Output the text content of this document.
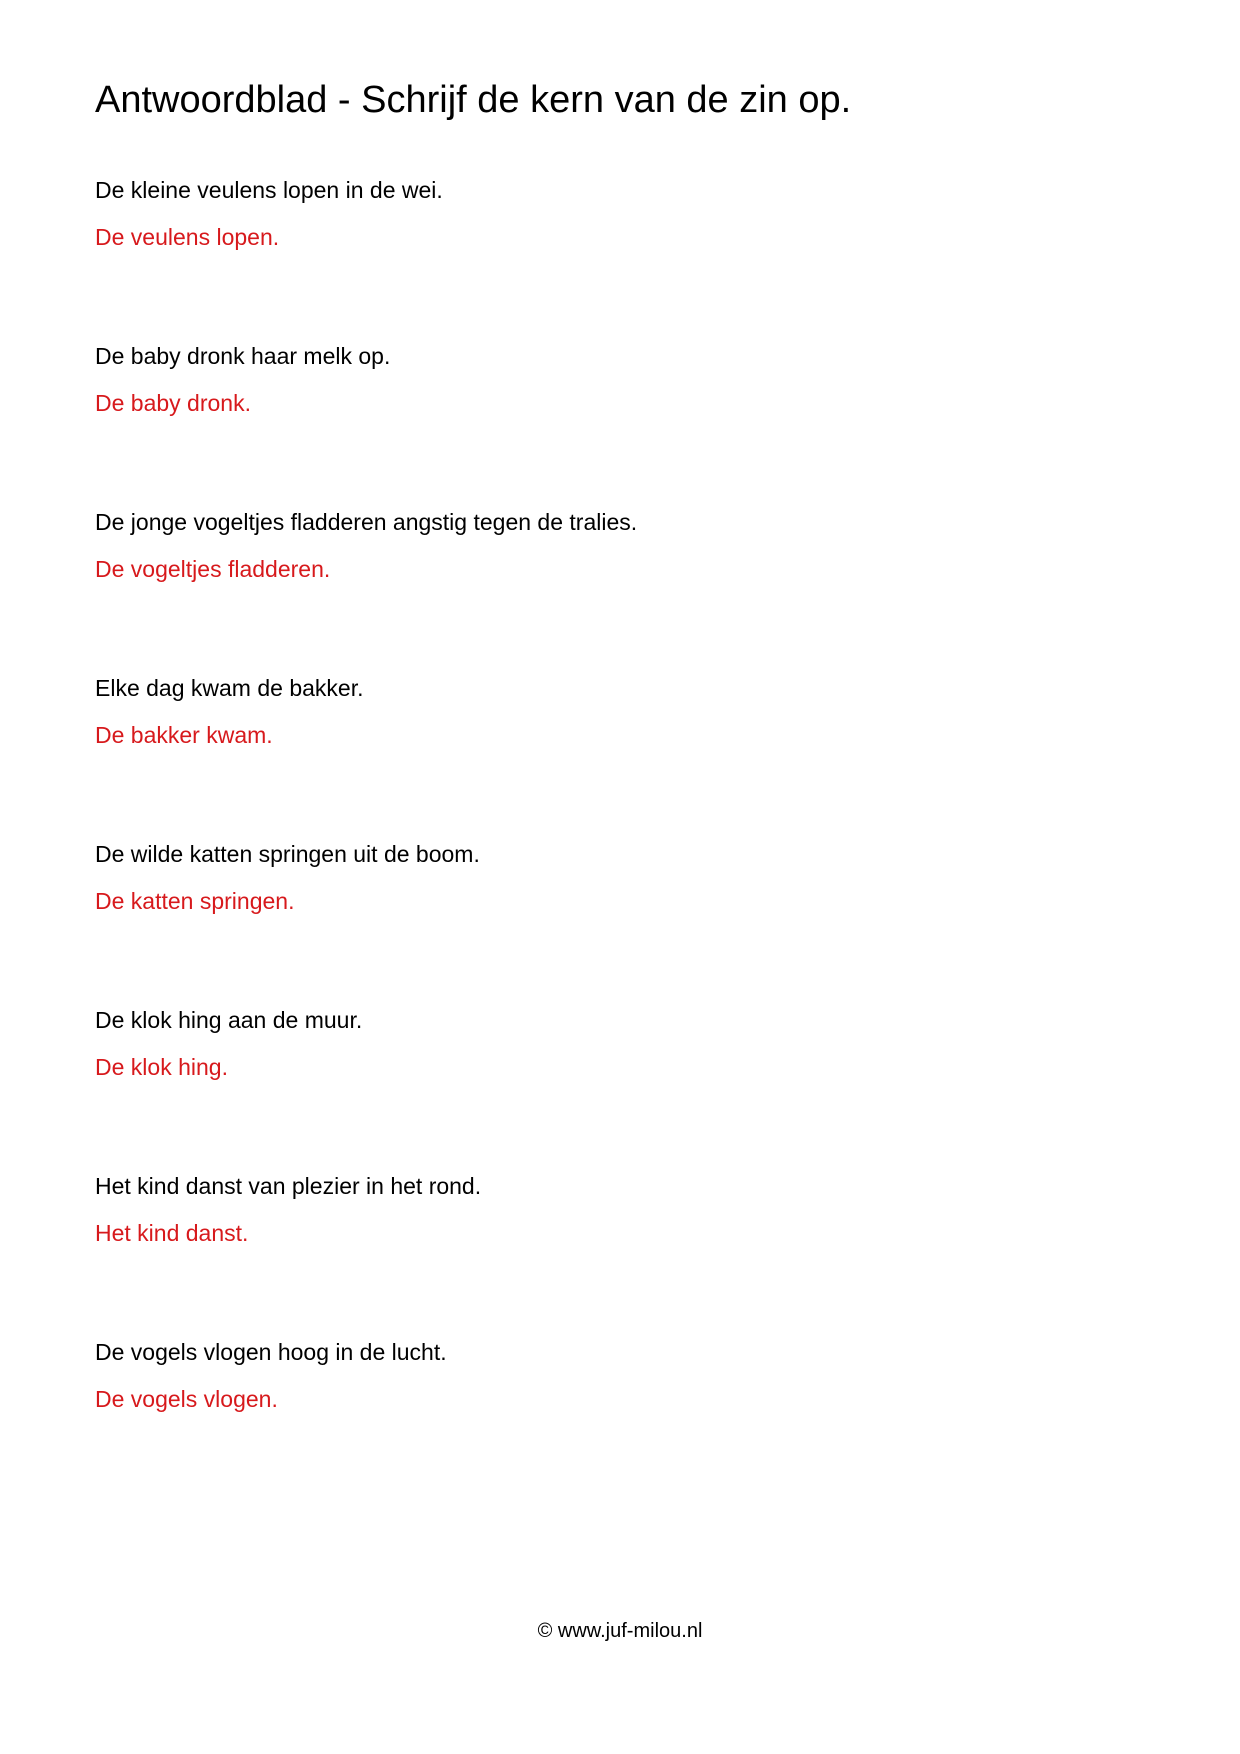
Antwoordblad - Schrijf de kern van de zin op.
De kleine veulens lopen in de wei.
De veulens lopen.
De baby dronk haar melk op.
De baby dronk.
De jonge vogeltjes fladderen angstig tegen de tralies.
De vogeltjes fladderen.
Elke dag kwam de bakker.
De bakker kwam.
De wilde katten springen uit de boom.
De katten springen.
De klok hing aan de muur.
De klok hing.
Het kind danst van plezier in het rond.
Het kind danst.
De vogels vlogen hoog in de lucht.
De vogels vlogen.
© www.juf-milou.nl
